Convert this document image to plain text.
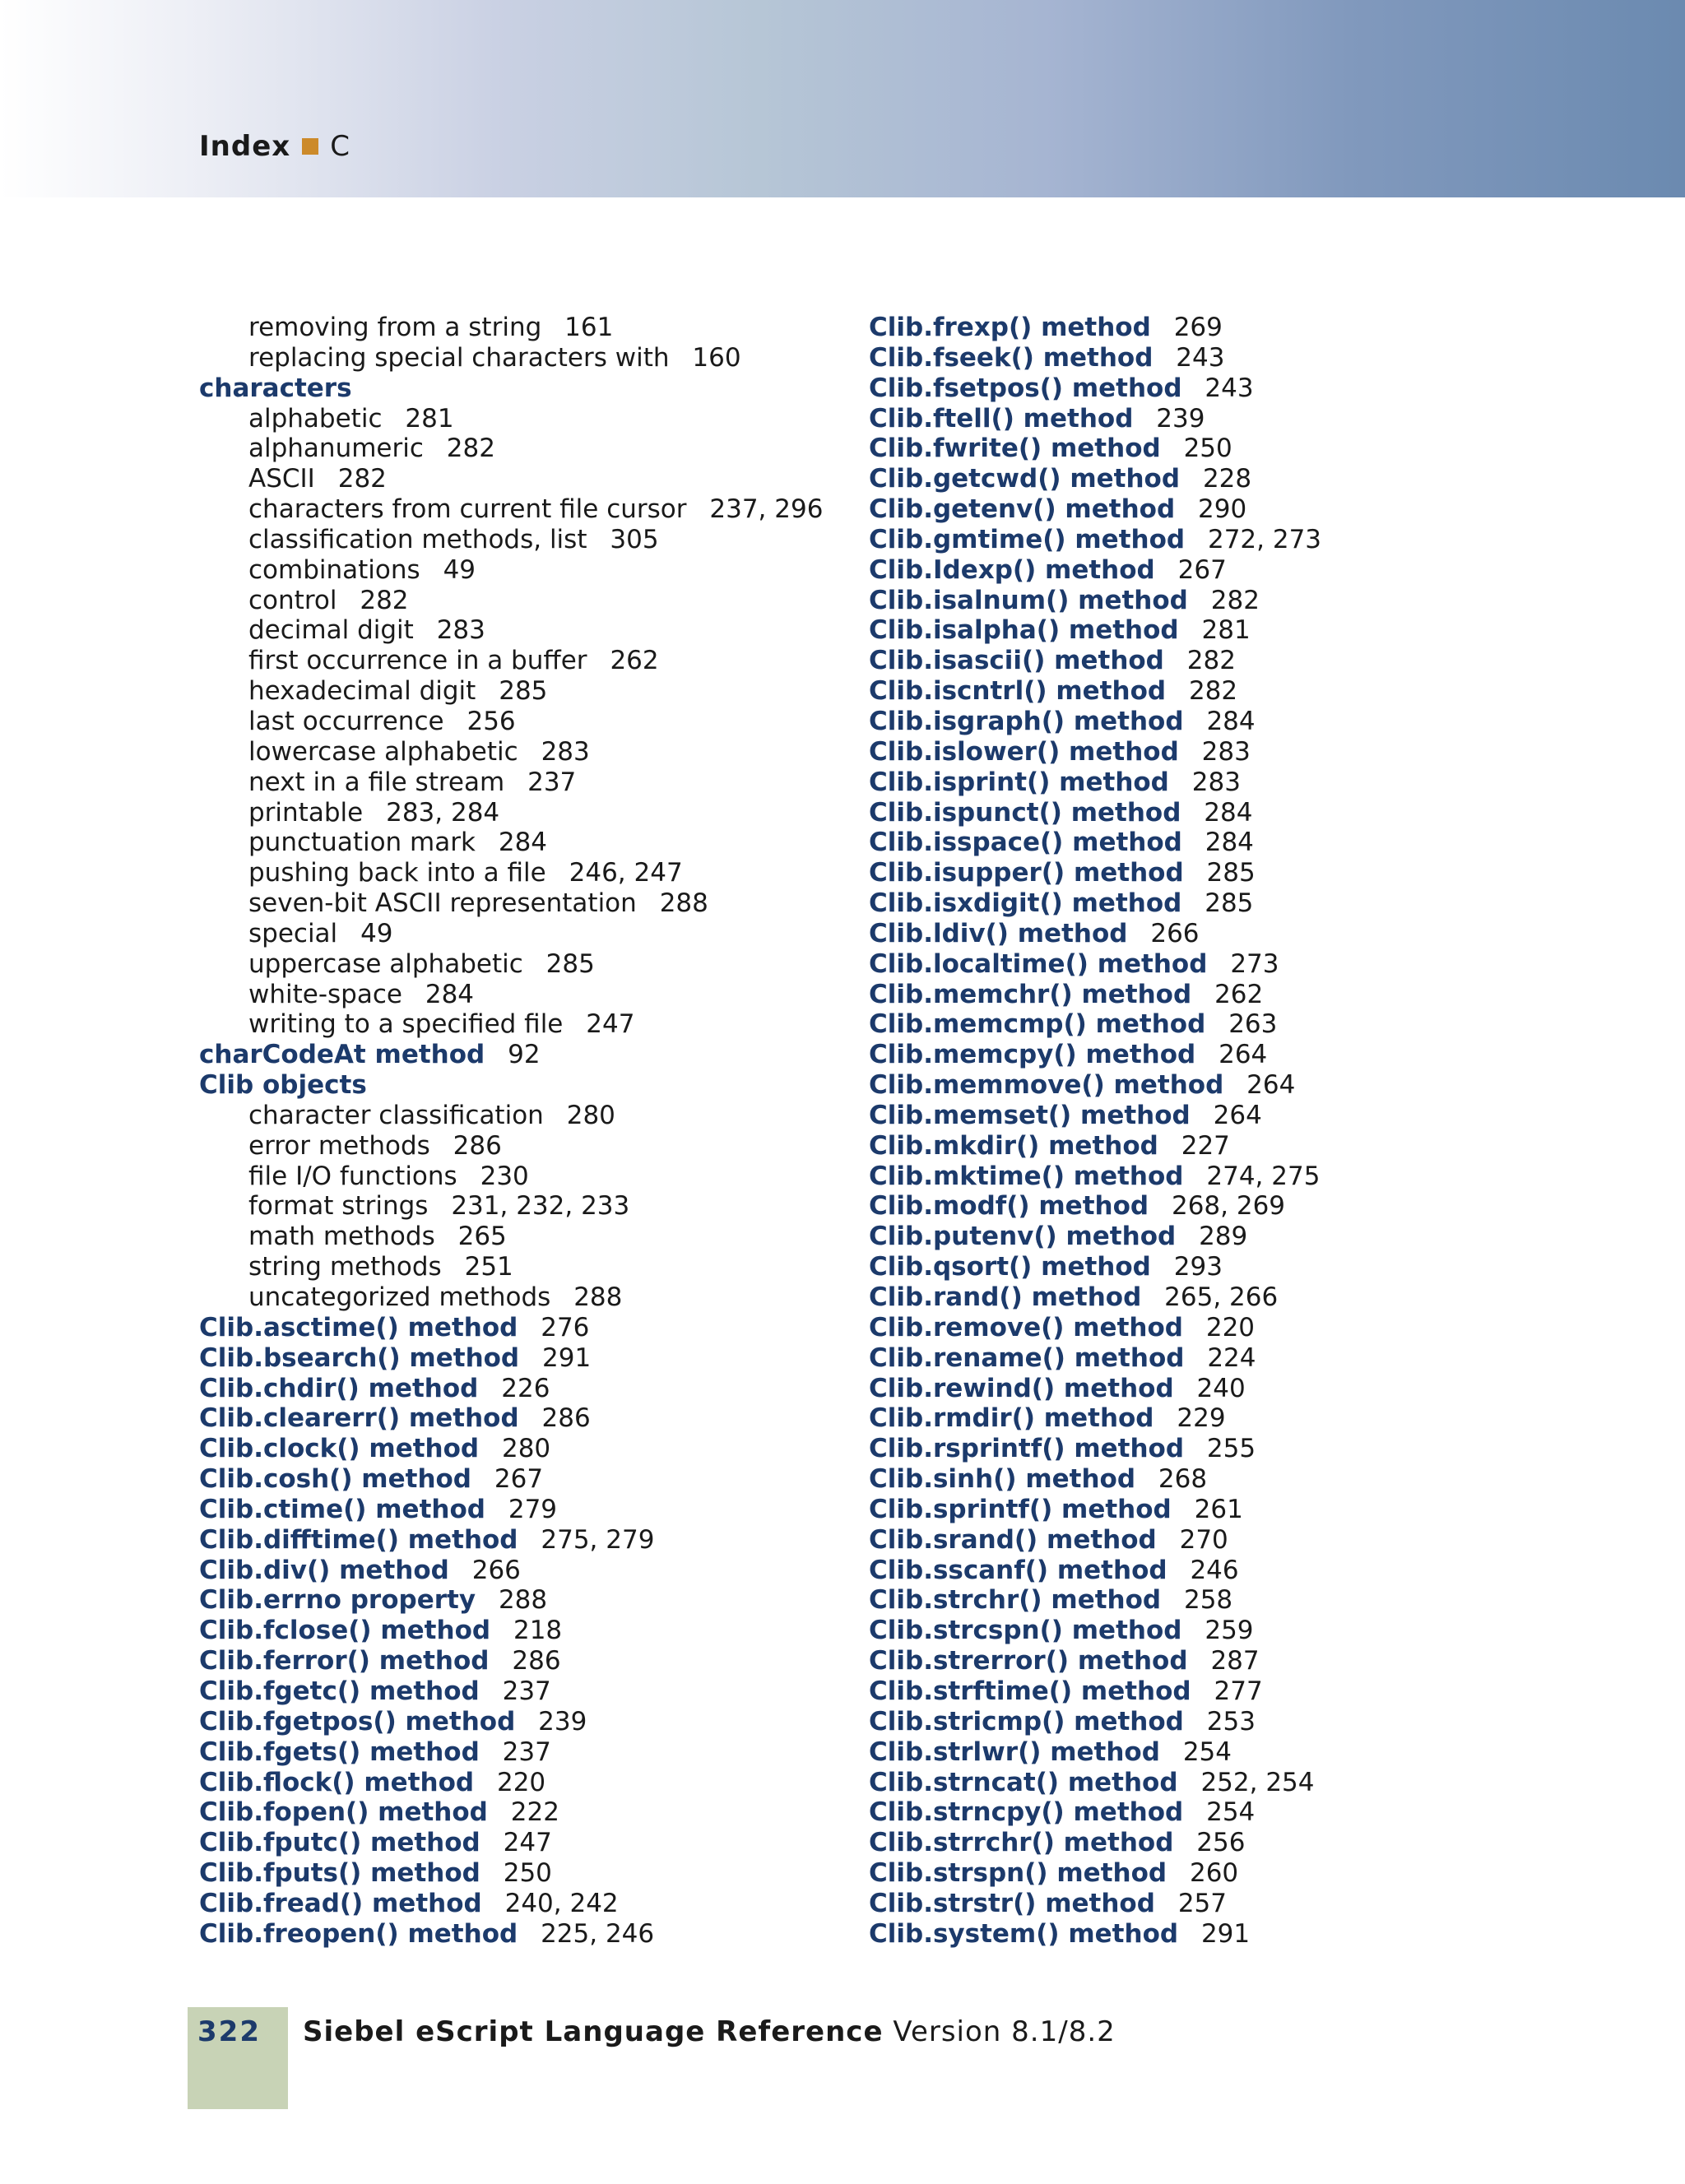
Index C
removing from a string 161
replacing special characters with 160
characters
alphabetic 281
alphanumeric 282
ASCII 282
characters from current file cursor 237, 296
classification methods, list 305
combinations 49
control 282
decimal digit 283
first occurrence in a buffer 262
hexadecimal digit 285
last occurrence 256
lowercase alphabetic 283
next in a file stream 237
printable 283, 284
punctuation mark 284
pushing back into a file 246, 247
seven-bit ASCII representation 288
special 49
uppercase alphabetic 285
white-space 284
writing to a specified file 247
charCodeAt method 92
Clib objects
character classification 280
error methods 286
file I/O functions 230
format strings 231, 232, 233
math methods 265
string methods 251
uncategorized methods 288
Clib.asctime() method 276
Clib.bsearch() method 291
Clib.chdir() method 226
Clib.clearerr() method 286
Clib.clock() method 280
Clib.cosh() method 267
Clib.ctime() method 279
Clib.difftime() method 275, 279
Clib.div() method 266
Clib.errno property 288
Clib.fclose() method 218
Clib.ferror() method 286
Clib.fgetc() method 237
Clib.fgetpos() method 239
Clib.fgets() method 237
Clib.flock() method 220
Clib.fopen() method 222
Clib.fputc() method 247
Clib.fputs() method 250
Clib.fread() method 240, 242
Clib.freopen() method 225, 246
Clib.frexp() method 269
Clib.fseek() method 243
Clib.fsetpos() method 243
Clib.ftell() method 239
Clib.fwrite() method 250
Clib.getcwd() method 228
Clib.getenv() method 290
Clib.gmtime() method 272, 273
Clib.Idexp() method 267
Clib.isalnum() method 282
Clib.isalpha() method 281
Clib.isascii() method 282
Clib.iscntrl() method 282
Clib.isgraph() method 284
Clib.islower() method 283
Clib.isprint() method 283
Clib.ispunct() method 284
Clib.isspace() method 284
Clib.isupper() method 285
Clib.isxdigit() method 285
Clib.ldiv() method 266
Clib.localtime() method 273
Clib.memchr() method 262
Clib.memcmp() method 263
Clib.memcpy() method 264
Clib.memmove() method 264
Clib.memset() method 264
Clib.mkdir() method 227
Clib.mktime() method 274, 275
Clib.modf() method 268, 269
Clib.putenv() method 289
Clib.qsort() method 293
Clib.rand() method 265, 266
Clib.remove() method 220
Clib.rename() method 224
Clib.rewind() method 240
Clib.rmdir() method 229
Clib.rsprintf() method 255
Clib.sinh() method 268
Clib.sprintf() method 261
Clib.srand() method 270
Clib.sscanf() method 246
Clib.strchr() method 258
Clib.strcspn() method 259
Clib.strerror() method 287
Clib.strftime() method 277
Clib.stricmp() method 253
Clib.strlwr() method 254
Clib.strncat() method 252, 254
Clib.strncpy() method 254
Clib.strrchr() method 256
Clib.strspn() method 260
Clib.strstr() method 257
Clib.system() method 291
322 Siebel eScript Language Reference Version 8.1/8.2
